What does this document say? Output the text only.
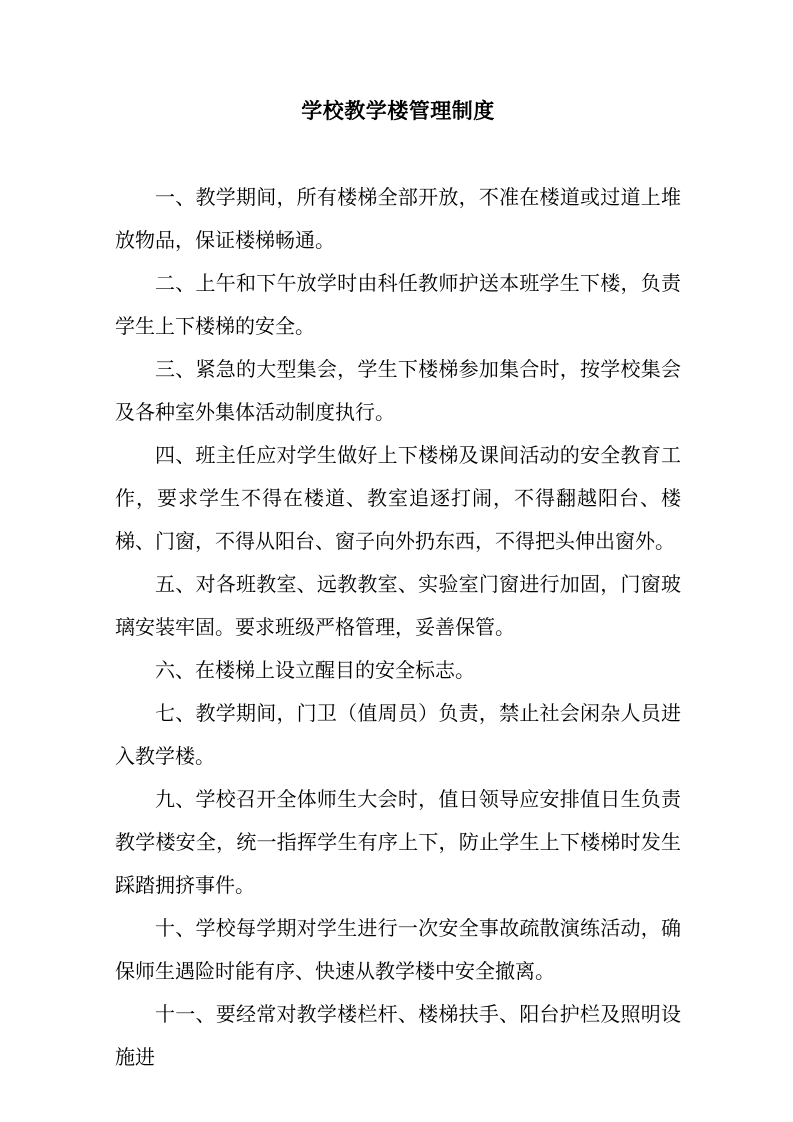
学校教学楼管理制度

一、教学期间，所有楼梯全部开放，不准在楼道或过道上堆放物品，保证楼梯畅通。

二、上午和下午放学时由科任教师护送本班学生下楼，负责学生上下楼梯的安全。

三、紧急的大型集会，学生下楼梯参加集合时，按学校集会及各种室外集体活动制度执行。

四、班主任应对学生做好上下楼梯及课间活动的安全教育工作，要求学生不得在楼道、教室追逐打闹，不得翻越阳台、楼梯、门窗，不得从阳台、窗子向外扔东西，不得把头伸出窗外。

五、对各班教室、远教教室、实验室门窗进行加固，门窗玻璃安装牢固。要求班级严格管理，妥善保管。

六、在楼梯上设立醒目的安全标志。

七、教学期间，门卫（值周员）负责，禁止社会闲杂人员进入教学楼。

九、学校召开全体师生大会时，值日领导应安排值日生负责教学楼安全，统一指挥学生有序上下，防止学生上下楼梯时发生踩踏拥挤事件。

十、学校每学期对学生进行一次安全事故疏散演练活动，确保师生遇险时能有序、快速从教学楼中安全撤离。

十一、要经常对教学楼栏杆、楼梯扶手、阳台护栏及照明设施进
